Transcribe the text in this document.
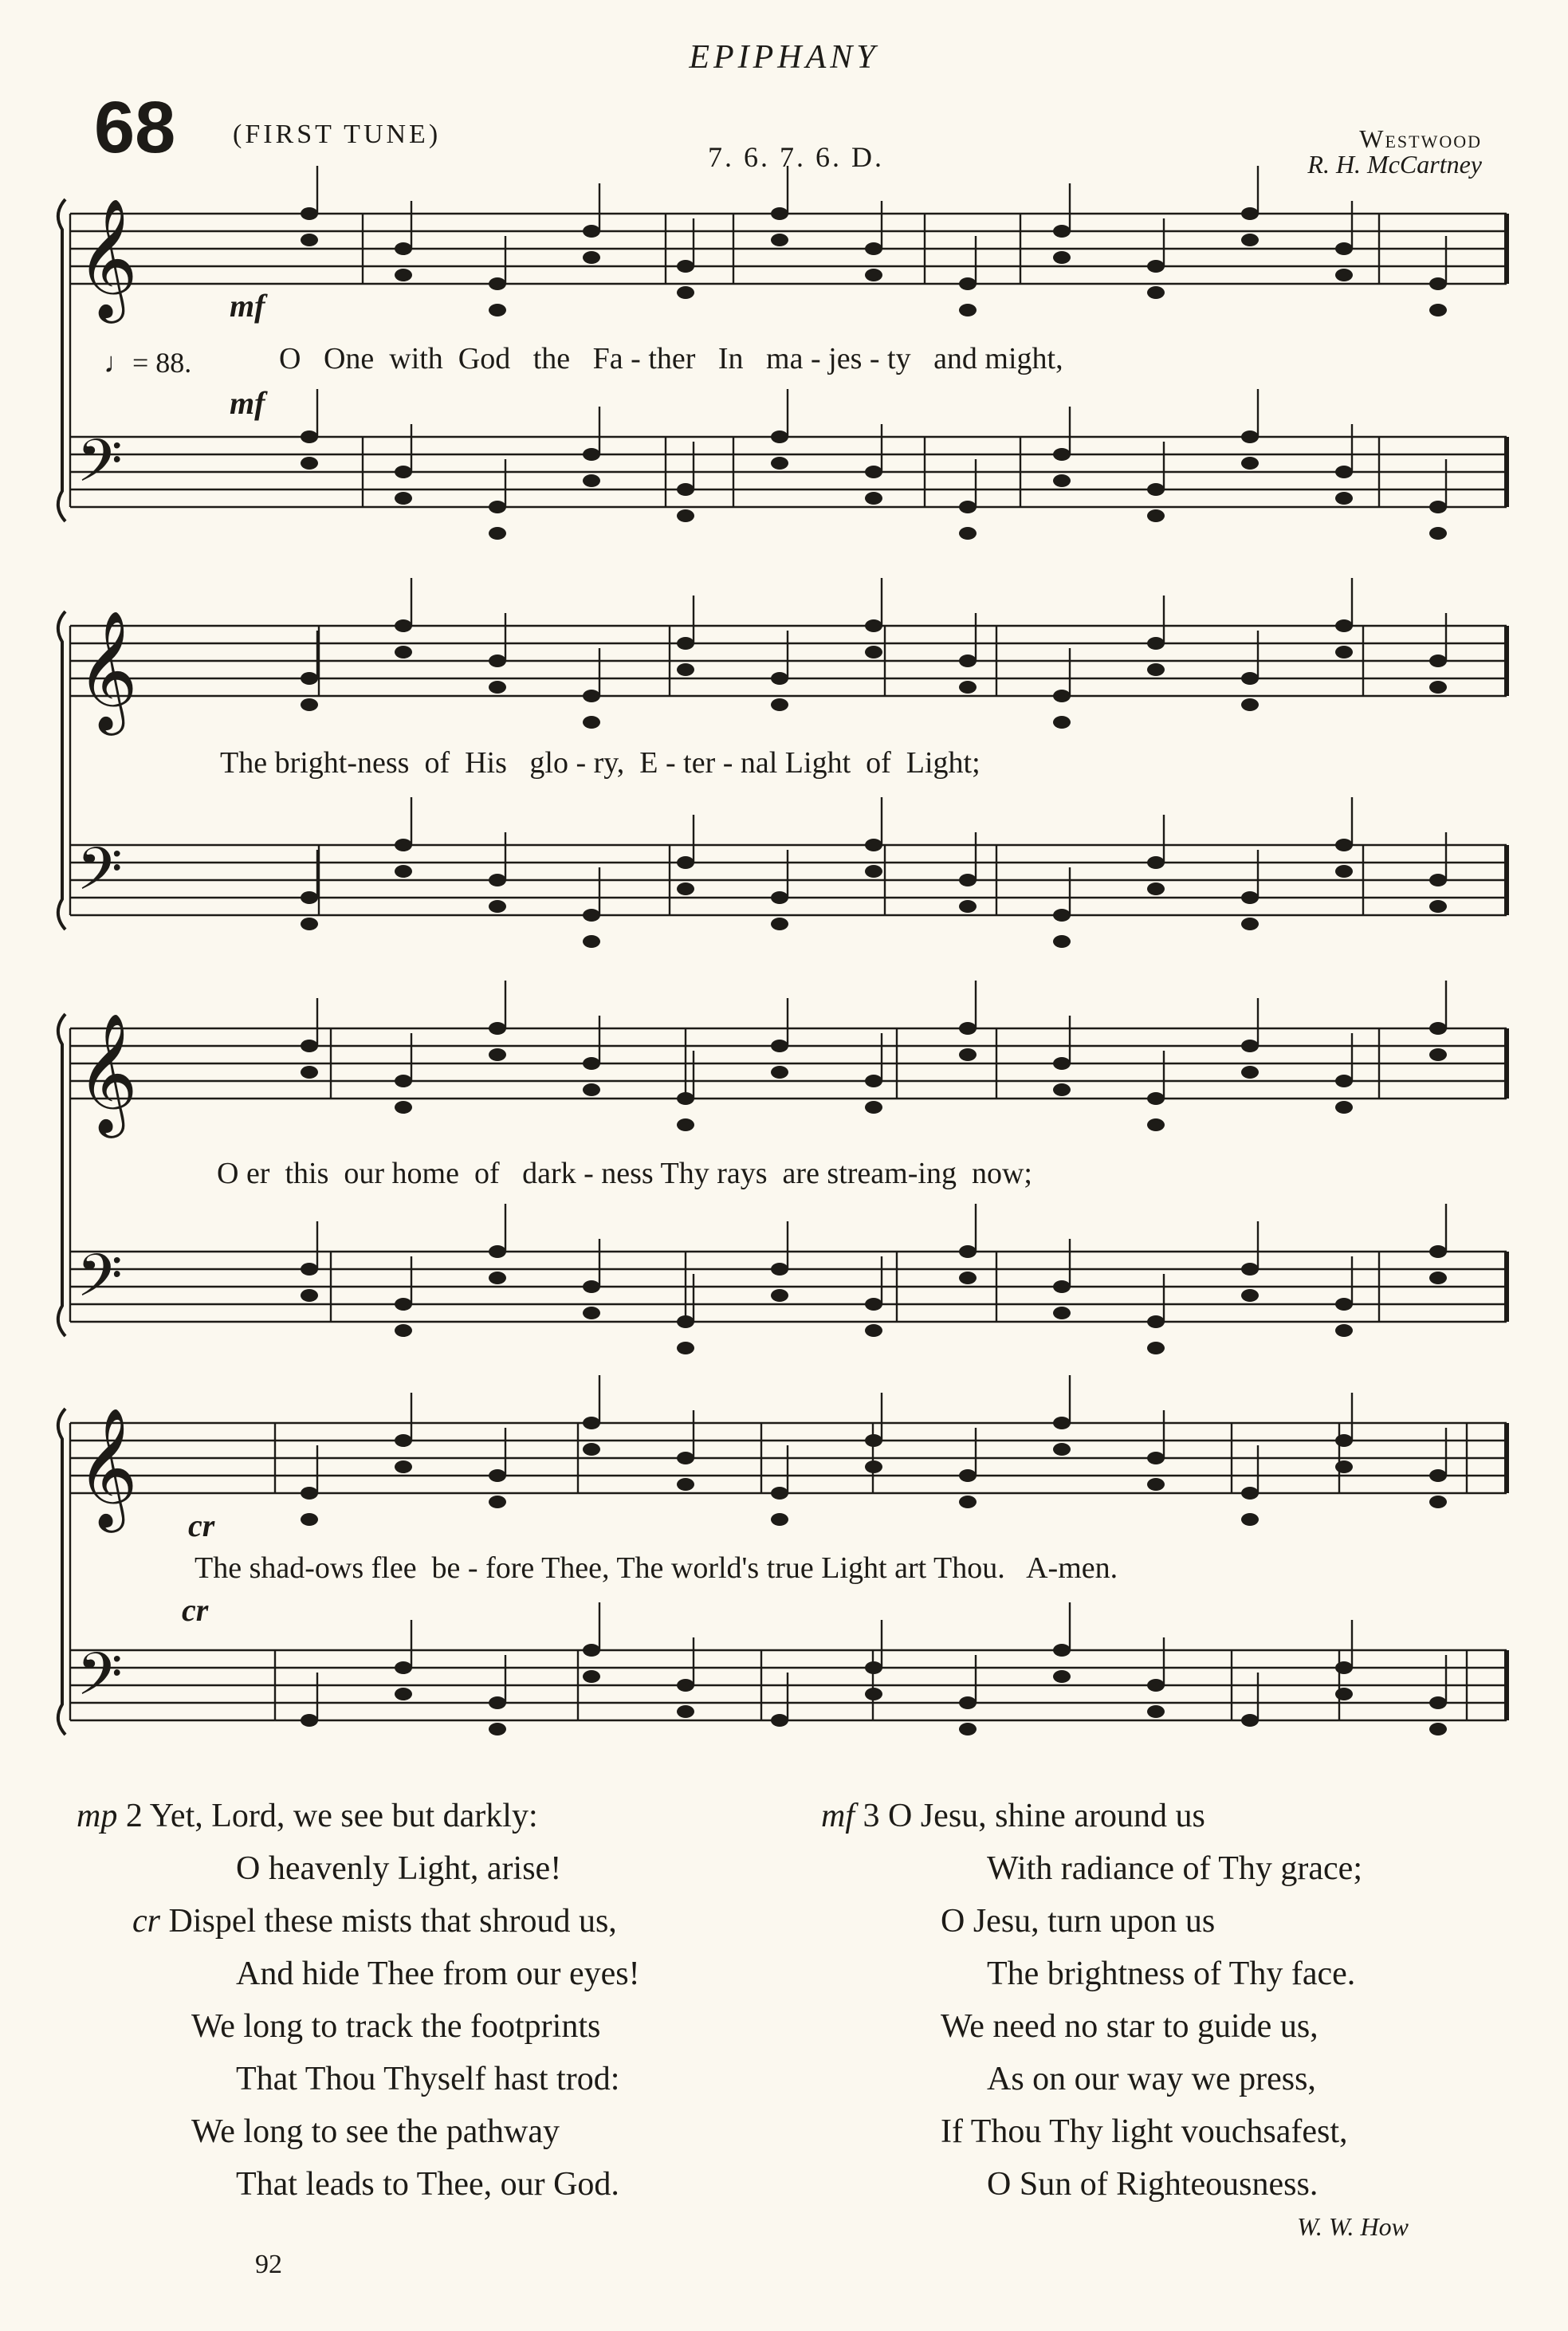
EPIPHANY
68 (FIRST TUNE)
7. 6. 7. 6. D.
Westwood
R. H. McCartney
𝄞
𝄢
𝄞
𝄢
𝄞
𝄢
𝄞
𝄢
mf
♩= 88.
mf
cr
cr
O   One  with  God   the   Fa - ther   In   ma - jes - ty   and might,
The bright-ness  of  His   glo - ry,  E - ter - nal Light  of  Light;
O er  this  our home  of   dark - ness Thy rays  are stream-ing  now;
The shad-ows flee  be - fore Thee, The world's true Light art Thou.   A-men.
mp 2 Yet, Lord, we see but darkly:
O heavenly Light, arise!
cr Dispel these mists that shroud us,
And hide Thee from our eyes!
We long to track the footprints
That Thou Thyself hast trod:
We long to see the pathway
That leads to Thee, our God.
mf 3 O Jesu, shine around us
With radiance of Thy grace;
O Jesu, turn upon us
The brightness of Thy face.
We need no star to guide us,
As on our way we press,
If Thou Thy light vouchsafest,
O Sun of Righteousness.
W. W. How
92
